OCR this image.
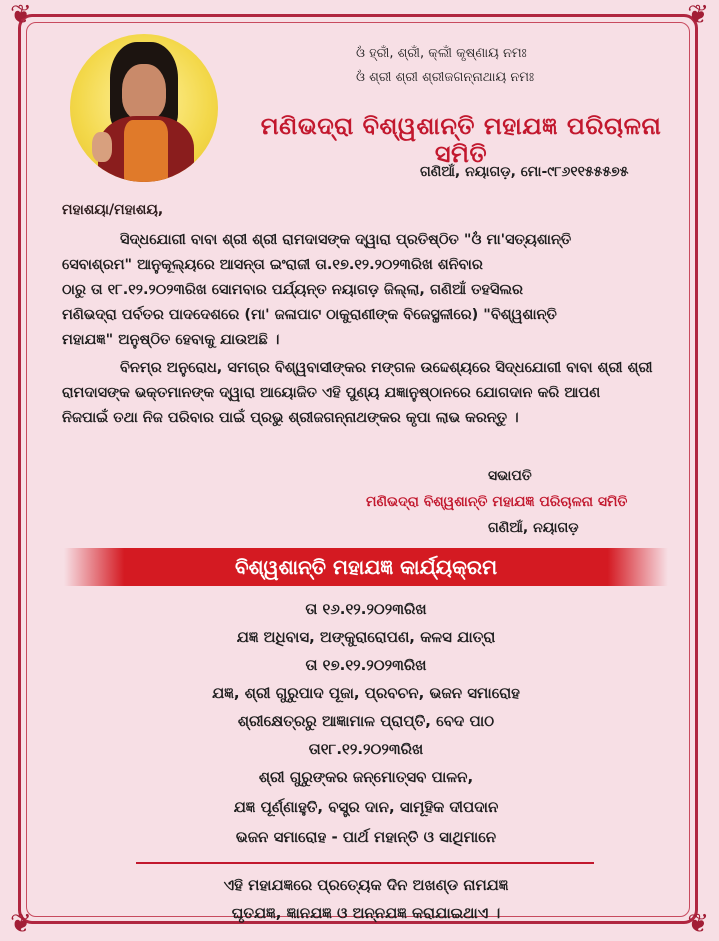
❦	❦
❦	❦
ଓଁ ହ୍ରୀଁ, ଶ୍ରୀଁ, କ୍ଲୀଁ କୃଷ୍ଣାୟ ନମଃ
ଓଁ ଶ୍ରୀ ଶ୍ରୀ ଶ୍ରୀଜଗନ୍ନାଥାୟ ନମଃ
ମଣିଭଦ୍ରା ବିଶ୍ୱଶାନ୍ତି ମହାଯଜ୍ଞ ପରିଚାଳନା ସମିତି
ଗଣିଆଁ, ନୟାଗଡ଼, ମୋ-୯୮୬୧୧୫୫୫୭୫
ମହାଶୟା/ମହାଶୟ,
ସିଦ୍ଧଯୋଗୀ ବାବା ଶ୍ରୀ ଶ୍ରୀ ରାମଦାସଙ୍କ ଦ୍ୱାରା ପ୍ରତିଷ୍ଠିତ "ଓଁ ମା'ସତ୍ୟଶାନ୍ତି
ସେବାଶ୍ରମ" ଆନୁକୂଲ୍ୟରେ ଆସନ୍ତା ଇଂରାଜୀ ତା.୧୭.୧୨.୨୦୨୩ରିଖ ଶନିବାର
ଠାରୁ ତା ୧୮.୧୨.୨୦୨୩ରିଖ ସୋମବାର ପର୍ଯ୍ୟନ୍ତ ନୟାଗଡ଼ ଜିଲ୍ଲା, ଗଣିଆଁ ତହସିଲର
ମଣିଭଦ୍ରା ପର୍ବତର ପାଦଦେଶରେ (ମା' ଜଳାପାଟ ଠାକୁରାଣୀଙ୍କ ବିଜେସ୍ଥଳୀରେ) "ବିଶ୍ୱଶାନ୍ତି
ମହାଯଜ୍ଞ" ଅନୁଷ୍ଠିତ ହେବାକୁ ଯାଉଅଛି ।
ବିନମ୍ର ଅନୁରୋଧ, ସମଗ୍ର ବିଶ୍ୱବାସୀଙ୍କର ମଙ୍ଗଳ ଉଦ୍ଦେଶ୍ୟରେ ସିଦ୍ଧଯୋଗୀ ବାବା ଶ୍ରୀ ଶ୍ରୀ
ରାମଦାସଙ୍କ ଭକ୍ତମାନଙ୍କ ଦ୍ୱାରା ଆୟୋଜିତ ଏହି ପୁଣ୍ୟ ଯଜ୍ଞାନୁଷ୍ଠାନରେ ଯୋଗଦାନ କରି ଆପଣ
ନିଜପାଇଁ ତଥା ନିଜ ପରିବାର ପାଇଁ ପ୍ରଭୁ ଶ୍ରୀଜଗନ୍ନାଥଙ୍କର କୃପା ଲାଭ କରନ୍ତୁ ।
ସଭାପତି
ମଣିଭଦ୍ରା ବିଶ୍ୱଶାନ୍ତି ମହାଯଜ୍ଞ ପରିଚାଳନା ସମିତି
ଗଣିଆଁ, ନୟାଗଡ଼
ବିଶ୍ୱଶାନ୍ତି ମହାଯଜ୍ଞ କାର୍ଯ୍ୟକ୍ରମ
ତା ୧୬.୧୨.୨୦୨୩ରିଖ
ଯଜ୍ଞ ଅଧିବାସ, ଅଙ୍କୁରାରୋପଣ, କଳସ ଯାତ୍ରା
ତା ୧୭.୧୨.୨୦୨୩ରିଖ
ଯଜ୍ଞ, ଶ୍ରୀ ଗୁରୁପାଦ ପୂଜା, ପ୍ରବଚନ, ଭଜନ ସମାରୋହ
ଶ୍ରୀକ୍ଷେତ୍ରରୁ ଆଜ୍ଞାମାଳ ପ୍ରାପ୍ତି, ବେଦ ପାଠ
ତା୧୮.୧୨.୨୦୨୩ରିଖ
ଶ୍ରୀ ଗୁରୁଙ୍କର ଜନ୍ମୋତ୍ସବ ପାଳନ,
ଯଜ୍ଞ ପୂର୍ଣ୍ଣାହୁତି, ବସ୍ତ୍ର ଦାନ, ସାମୂହିକ ଦୀପଦାନ
ଭଜନ ସମାରୋହ - ପାର୍ଥ ମହାନ୍ତି ଓ ସାଥିମାନେ
ଏହି ମହାଯଜ୍ଞରେ ପ୍ରତ୍ୟେକ ଦିନ ଅଖଣ୍ଡ ନାମଯଜ୍ଞ
ଘୃତଯଜ୍ଞ, ଜ୍ଞାନଯଜ୍ଞ ଓ ଅନ୍ନଯଜ୍ଞ କରାଯାଇଥାଏ ।
